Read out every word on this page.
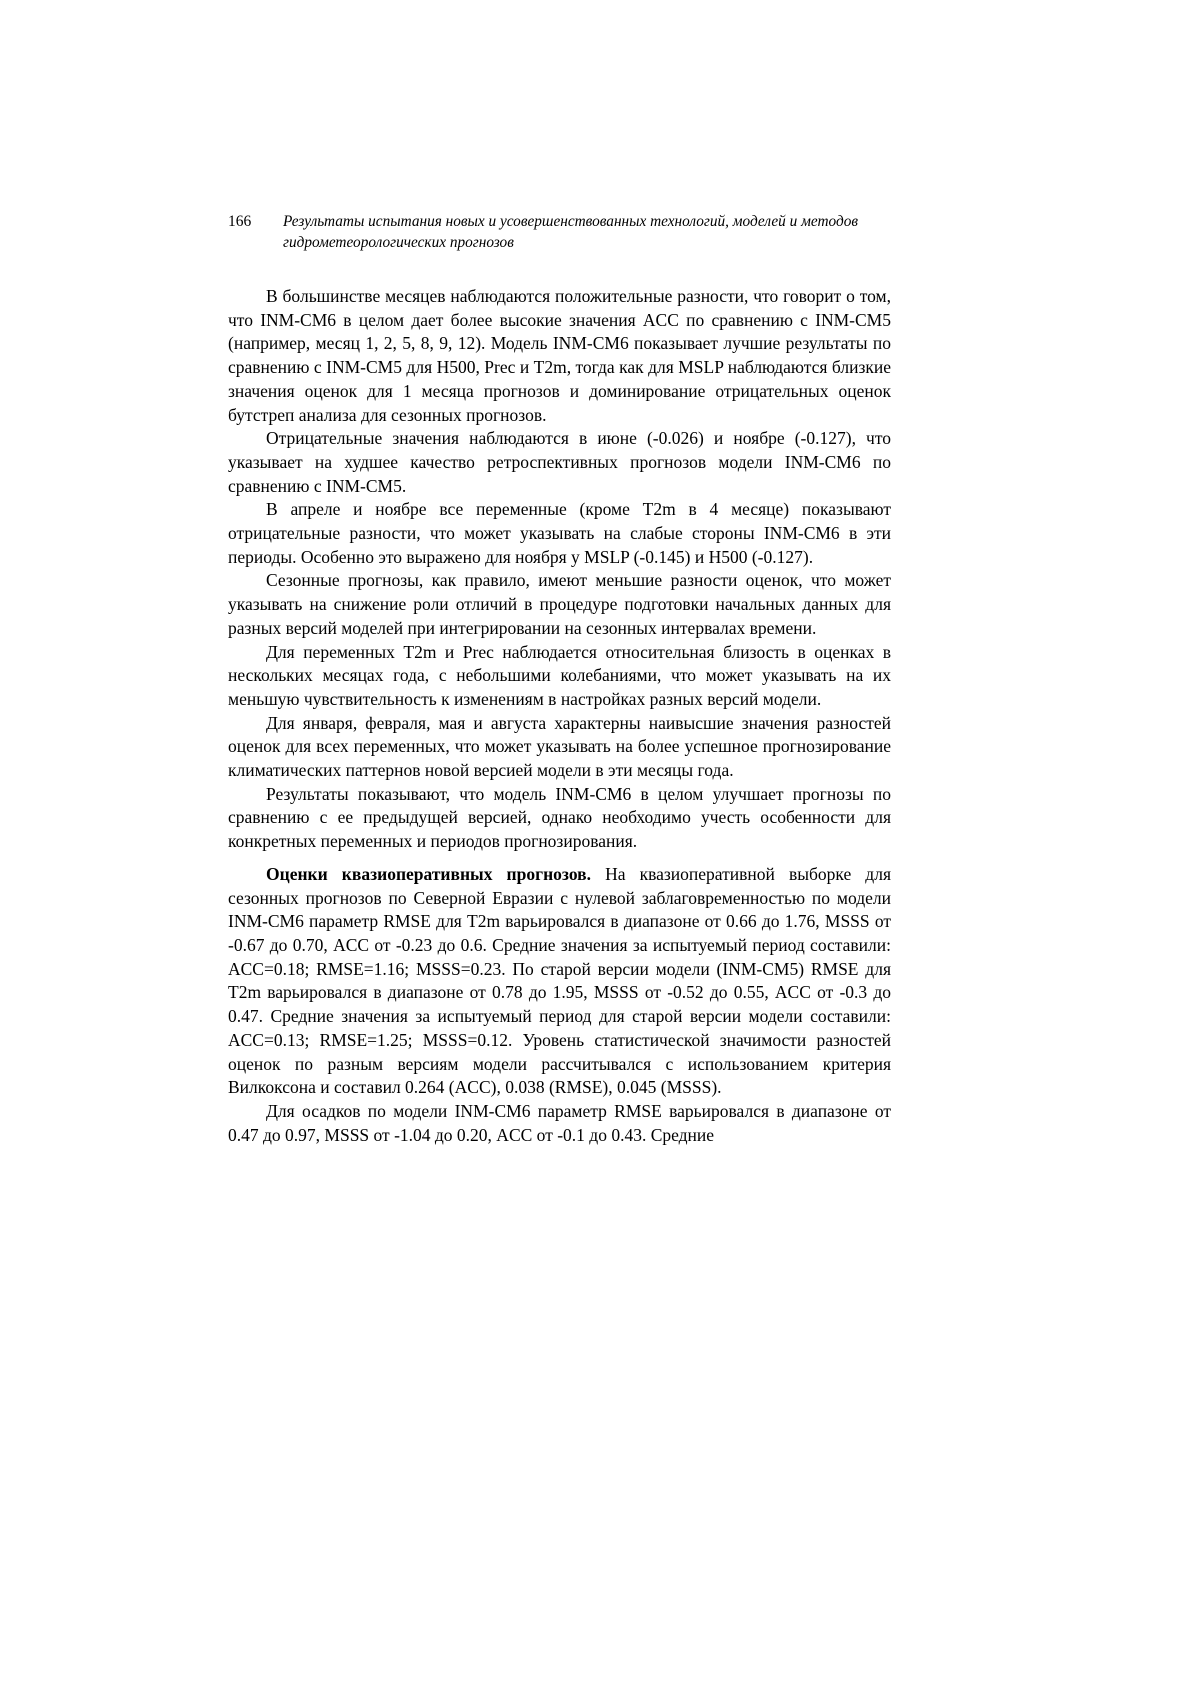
166	Результаты испытания новых и усовершенствованных технологий, моделей и методов гидрометеорологических прогнозов

В большинстве месяцев наблюдаются положительные разности, что говорит о том, что INM-CM6 в целом дает более высокие значения ACC по сравнению с INM-CM5 (например, месяц 1, 2, 5, 8, 9, 12). Модель INM-CM6 показывает лучшие результаты по сравнению с INM-CM5 для H500, Prec и T2m, тогда как для MSLP наблюдаются близкие значения оценок для 1 месяца прогнозов и доминирование отрицательных оценок бутстреп анализа для сезонных прогнозов.

Отрицательные значения наблюдаются в июне (-0.026) и ноябре (-0.127), что указывает на худшее качество ретроспективных прогнозов модели INM-CM6 по сравнению с INM-CM5.

В апреле и ноябре все переменные (кроме T2m в 4 месяце) показывают отрицательные разности, что может указывать на слабые стороны INM-CM6 в эти периоды. Особенно это выражено для ноября у MSLP (-0.145) и H500 (-0.127).

Сезонные прогнозы, как правило, имеют меньшие разности оценок, что может указывать на снижение роли отличий в процедуре подготовки начальных данных для разных версий моделей при интегрировании на сезонных интервалах времени.

Для переменных T2m и Prec наблюдается относительная близость в оценках в нескольких месяцах года, с небольшими колебаниями, что может указывать на их меньшую чувствительность к изменениям в настройках разных версий модели.

Для января, февраля, мая и августа характерны наивысшие значения разностей оценок для всех переменных, что может указывать на более успешное прогнозирование климатических паттернов новой версией модели в эти месяцы года.

Результаты показывают, что модель INM-CM6 в целом улучшает прогнозы по сравнению с ее предыдущей версией, однако необходимо учесть особенности для конкретных переменных и периодов прогнозирования.

Оценки квазиоперативных прогнозов. На квазиоперативной выборке для сезонных прогнозов по Северной Евразии с нулевой заблаговременностью по модели INM-CM6 параметр RMSE для T2m варьировался в диапазоне от 0.66 до 1.76, MSSS от -0.67 до 0.70, ACC от -0.23 до 0.6. Средние значения за испытуемый период составили: ACC=0.18; RMSE=1.16; MSSS=0.23. По старой версии модели (INM-CM5) RMSE для T2m варьировался в диапазоне от 0.78 до 1.95, MSSS от -0.52 до 0.55, ACC от -0.3 до 0.47. Средние значения за испытуемый период для старой версии модели составили: ACC=0.13; RMSE=1.25; MSSS=0.12. Уровень статистической значимости разностей оценок по разным версиям модели рассчитывался с использованием критерия Вилкоксона и составил 0.264 (ACC), 0.038 (RMSE), 0.045 (MSSS).

Для осадков по модели INM-CM6 параметр RMSE варьировался в диапазоне от 0.47 до 0.97, MSSS от -1.04 до 0.20, ACC от -0.1 до 0.43. Средние
